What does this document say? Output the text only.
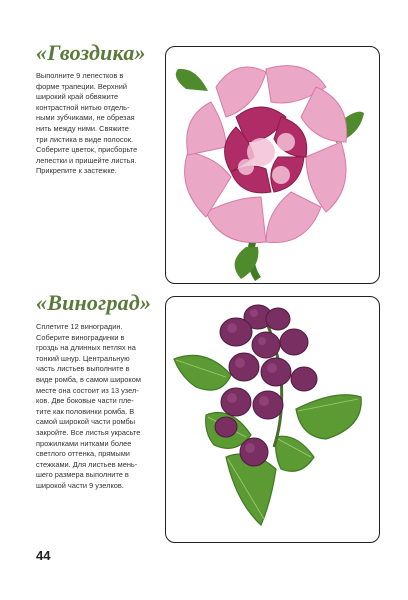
«Гвоздика»
Выполните 9 лепестков в
форме трапеции. Верхний
широкий край обвяжите
контрастной нитью отдель-
ными зубчиками, не обрезая
нить между ними. Свяжите
три листика в виде полосок.
Соберите цветок, присборьте
лепестки и пришейте листья.
Прикрепите к застежке.
«Виноград»
Сплетите 12 виноградин.
Соберите виноградинки в
гроздь на длинных петлях на
тонкий шнур. Центральную
часть листьев выполните в
виде ромба, в самом широком
месте она состоит из 13 узел-
ков. Две боковые части пле-
тите как половинки ромба. В
самой широкой части ромбы
закройте. Все листья украсьте
прожилками нитками более
светлого оттенка, прямыми
стежками. Для листьев мень-
шего размера выполните в
широкой части 9 узелков.
44
